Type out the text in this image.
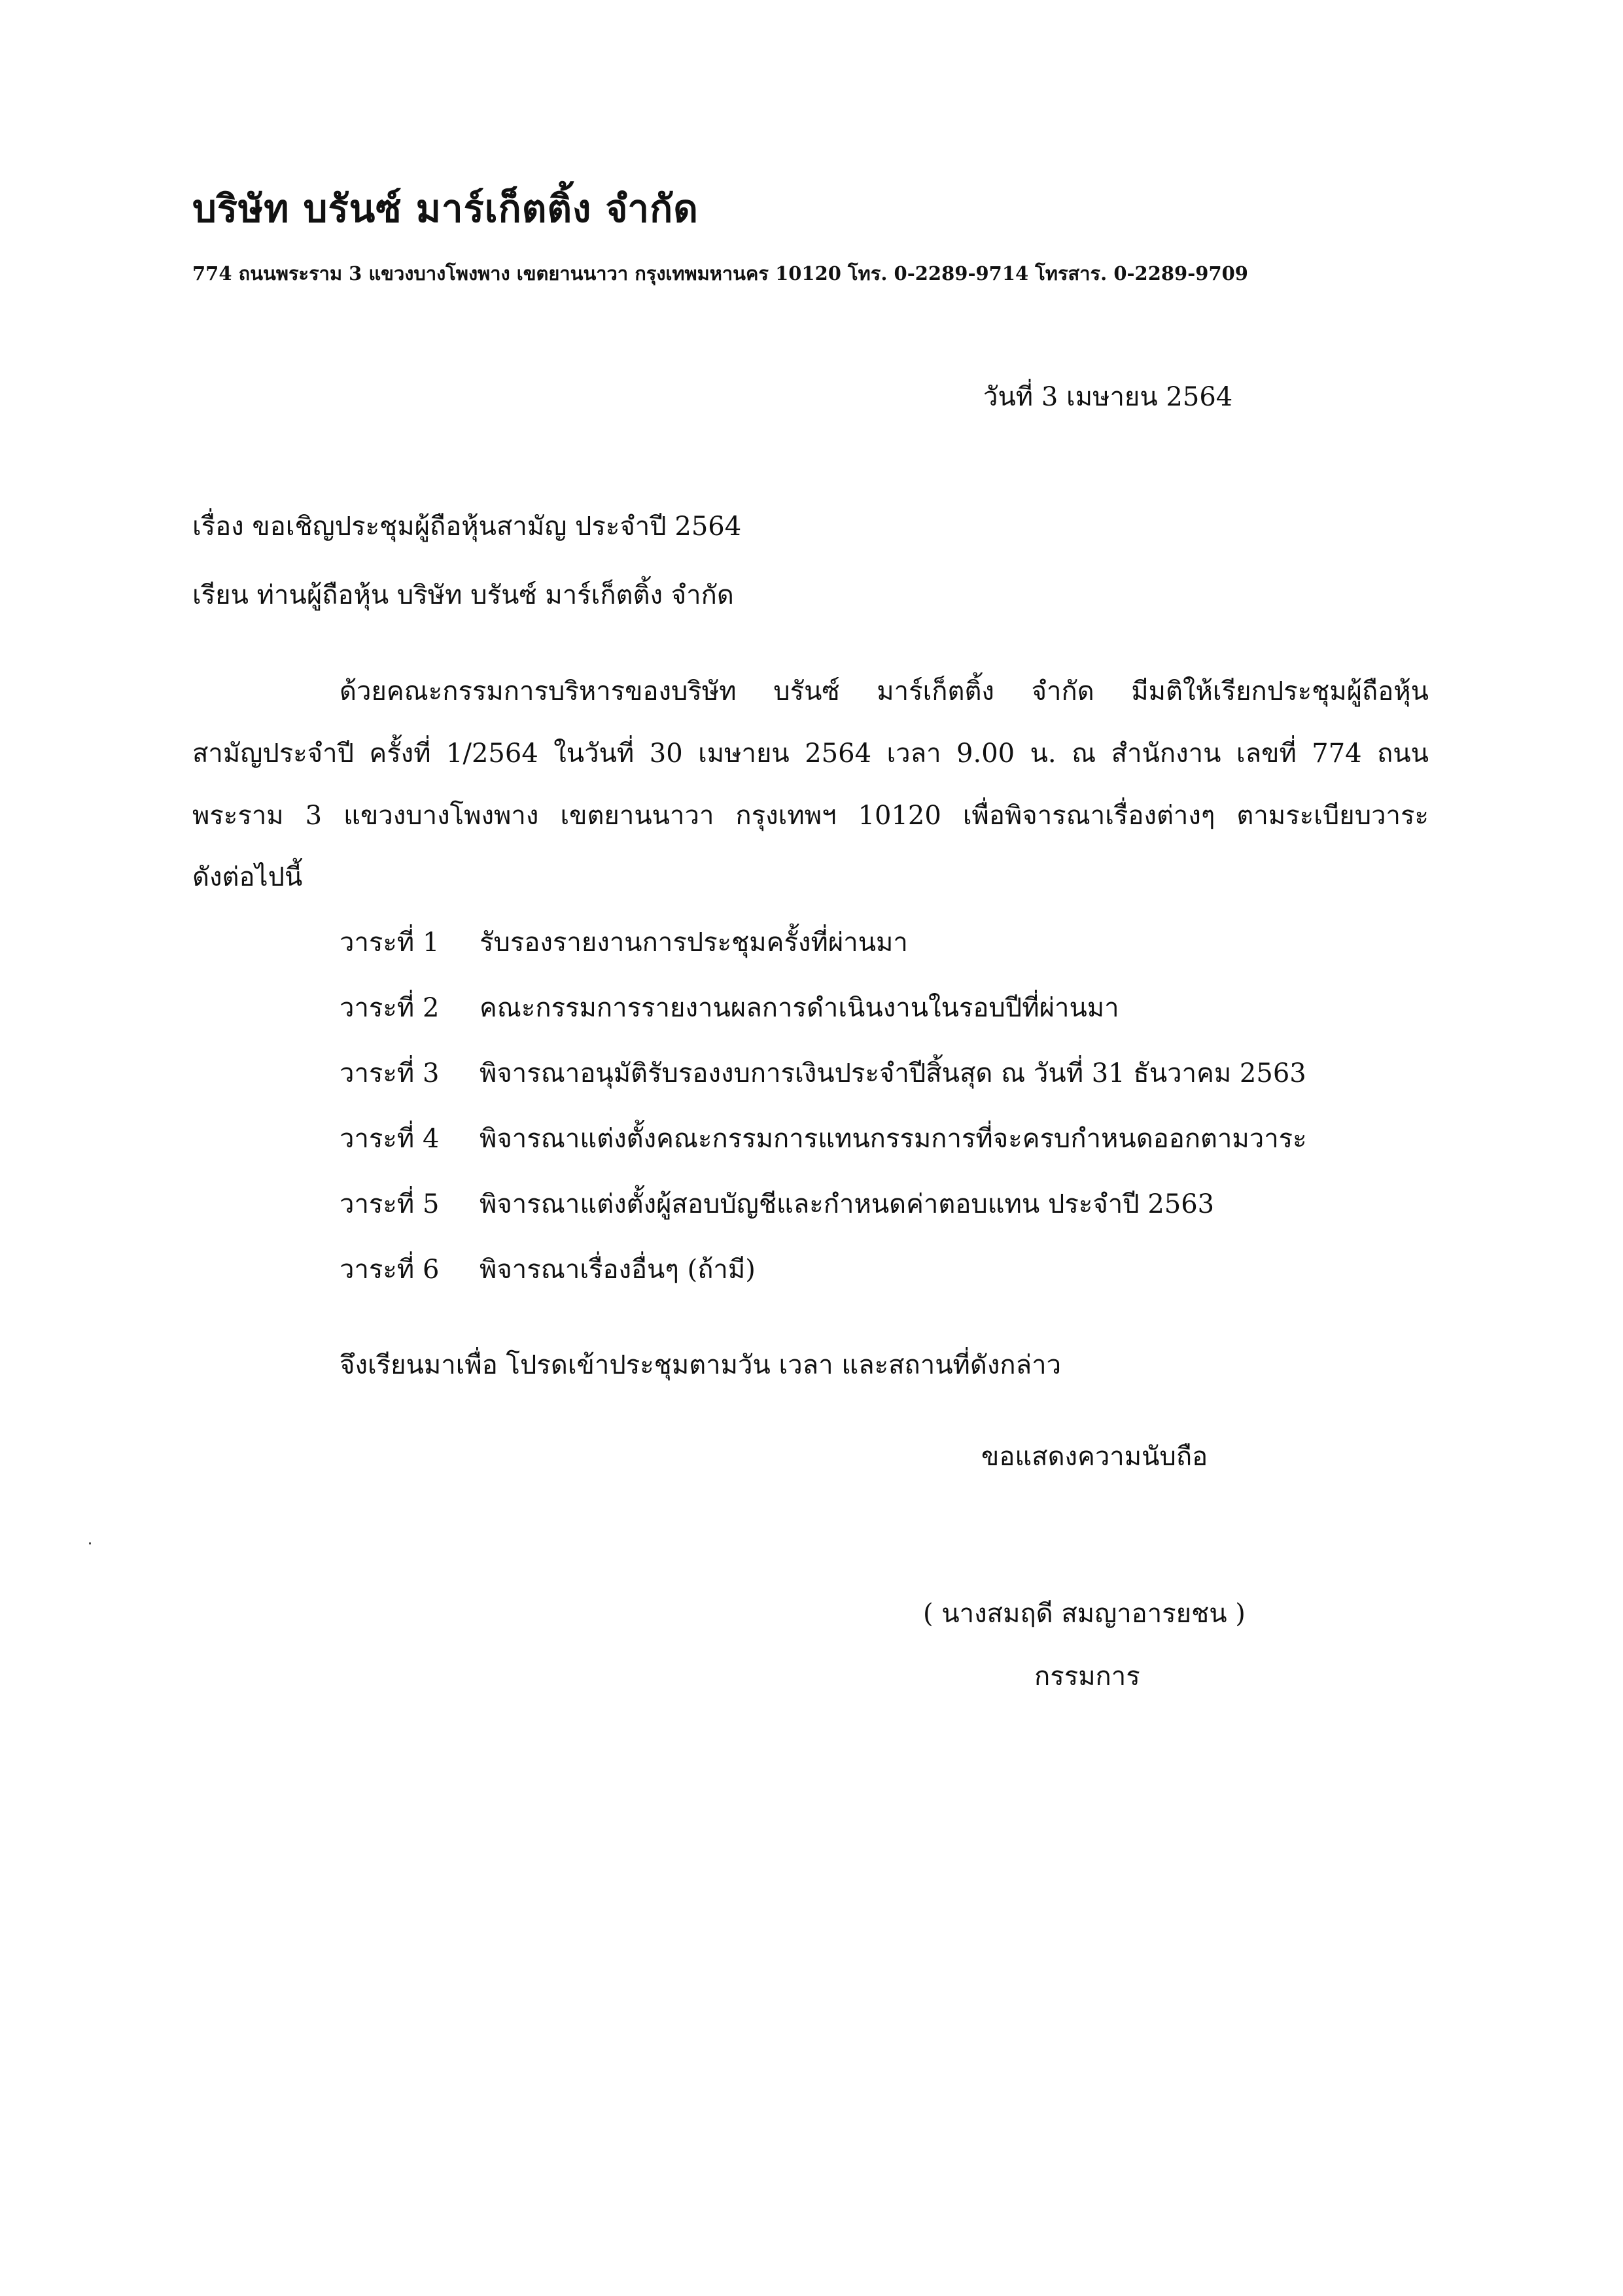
บริษัท บรันซ์ มาร์เก็ตติ้ง จำกัด
774 ถนนพระราม 3 แขวงบางโพงพาง เขตยานนาวา กรุงเทพมหานคร 10120 โทร. 0-2289-9714 โทรสาร. 0-2289-9709
วันที่ 3 เมษายน 2564
เรื่อง ขอเชิญประชุมผู้ถือหุ้นสามัญ ประจำปี 2564
เรียน ท่านผู้ถือหุ้น บริษัท บรันซ์ มาร์เก็ตติ้ง จำกัด
ด้วยคณะกรรมการบริหารของบริษัท บรันซ์ มาร์เก็ตติ้ง จำกัด มีมติให้เรียกประชุมผู้ถือหุ้น
สามัญประจำปี ครั้งที่ 1/2564 ในวันที่ 30 เมษายน 2564 เวลา 9.00 น. ณ สำนักงาน เลขที่ 774 ถนน
พระราม 3 แขวงบางโพงพาง เขตยานนาวา กรุงเทพฯ 10120 เพื่อพิจารณาเรื่องต่างๆ ตามระเบียบวาระ
ดังต่อไปนี้
วาระที่ 1 รับรองรายงานการประชุมครั้งที่ผ่านมา
วาระที่ 2 คณะกรรมการรายงานผลการดำเนินงานในรอบปีที่ผ่านมา
วาระที่ 3 พิจารณาอนุมัติรับรองงบการเงินประจำปีสิ้นสุด ณ วันที่ 31 ธันวาคม 2563
วาระที่ 4 พิจารณาแต่งตั้งคณะกรรมการแทนกรรมการที่จะครบกำหนดออกตามวาระ
วาระที่ 5 พิจารณาแต่งตั้งผู้สอบบัญชีและกำหนดค่าตอบแทน ประจำปี 2563
วาระที่ 6 พิจารณาเรื่องอื่นๆ (ถ้ามี)
จึงเรียนมาเพื่อ โปรดเข้าประชุมตามวัน เวลา และสถานที่ดังกล่าว
ขอแสดงความนับถือ
( นางสมฤดี สมญาอารยชน )
กรรมการ
